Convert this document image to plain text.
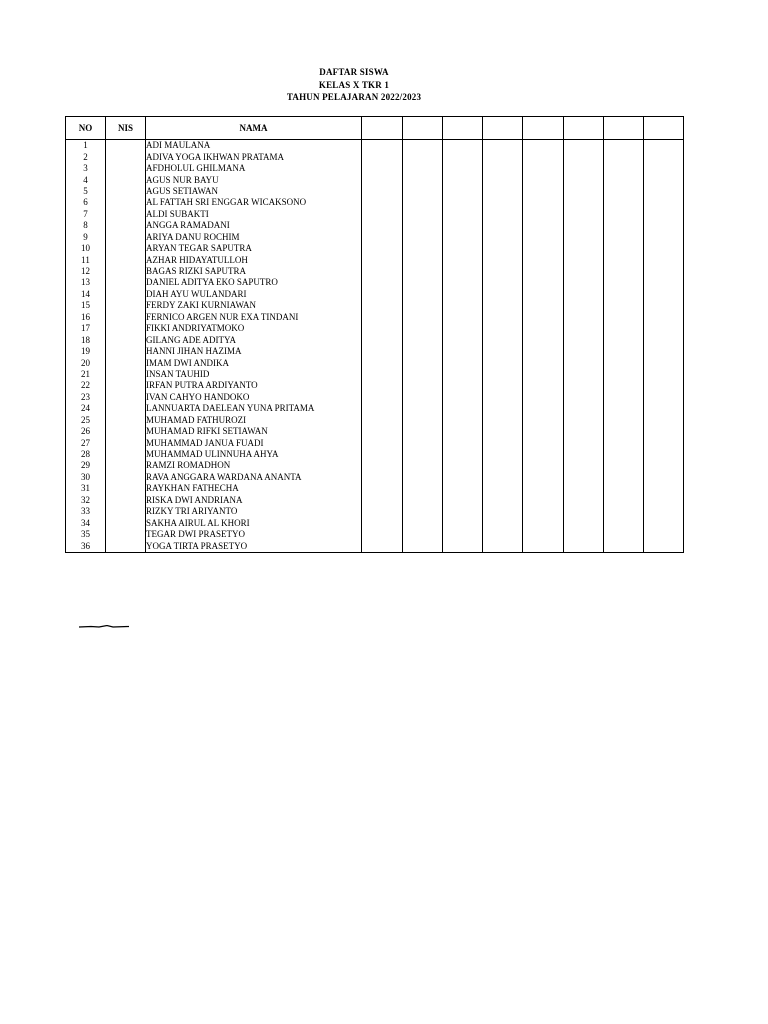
DAFTAR SISWA
KELAS X TKR 1
TAHUN PELAJARAN 2022/2023
NO	NIS	NAMA								
1		ADI MAULANA								
2		ADIVA YOGA IKHWAN PRATAMA								
3		AFDHOLUL GHILMANA								
4		AGUS NUR BAYU								
5		AGUS SETIAWAN								
6		AL FATTAH SRI ENGGAR WICAKSONO								
7		ALDI SUBAKTI								
8		ANGGA RAMADANI								
9		ARIYA DANU ROCHIM								
10		ARYAN TEGAR SAPUTRA								
11		AZHAR HIDAYATULLOH								
12		BAGAS RIZKI SAPUTRA								
13		DANIEL ADITYA EKO SAPUTRO								
14		DIAH AYU WULANDARI								
15		FERDY ZAKI KURNIAWAN								
16		FERNICO ARGEN NUR EXA TINDANI								
17		FIKKI ANDRIYATMOKO								
18		GILANG ADE ADITYA								
19		HANNI JIHAN HAZIMA								
20		IMAM DWI ANDIKA								
21		INSAN TAUHID								
22		IRFAN PUTRA ARDIYANTO								
23		IVAN CAHYO HANDOKO								
24		LANNUARTA DAELEAN YUNA PRITAMA								
25		MUHAMAD FATHUROZI								
26		MUHAMAD RIFKI SETIAWAN								
27		MUHAMMAD JANUA FUADI								
28		MUHAMMAD ULINNUHA AHYA								
29		RAMZI ROMADHON								
30		RAVA ANGGARA WARDANA ANANTA								
31		RAYKHAN FATHECHA								
32		RISKA DWI ANDRIANA								
33		RIZKY TRI ARIYANTO								
34		SAKHA AIRUL AL KHORI								
35		TEGAR DWI PRASETYO								
36		YOGA TIRTA PRASETYO								
